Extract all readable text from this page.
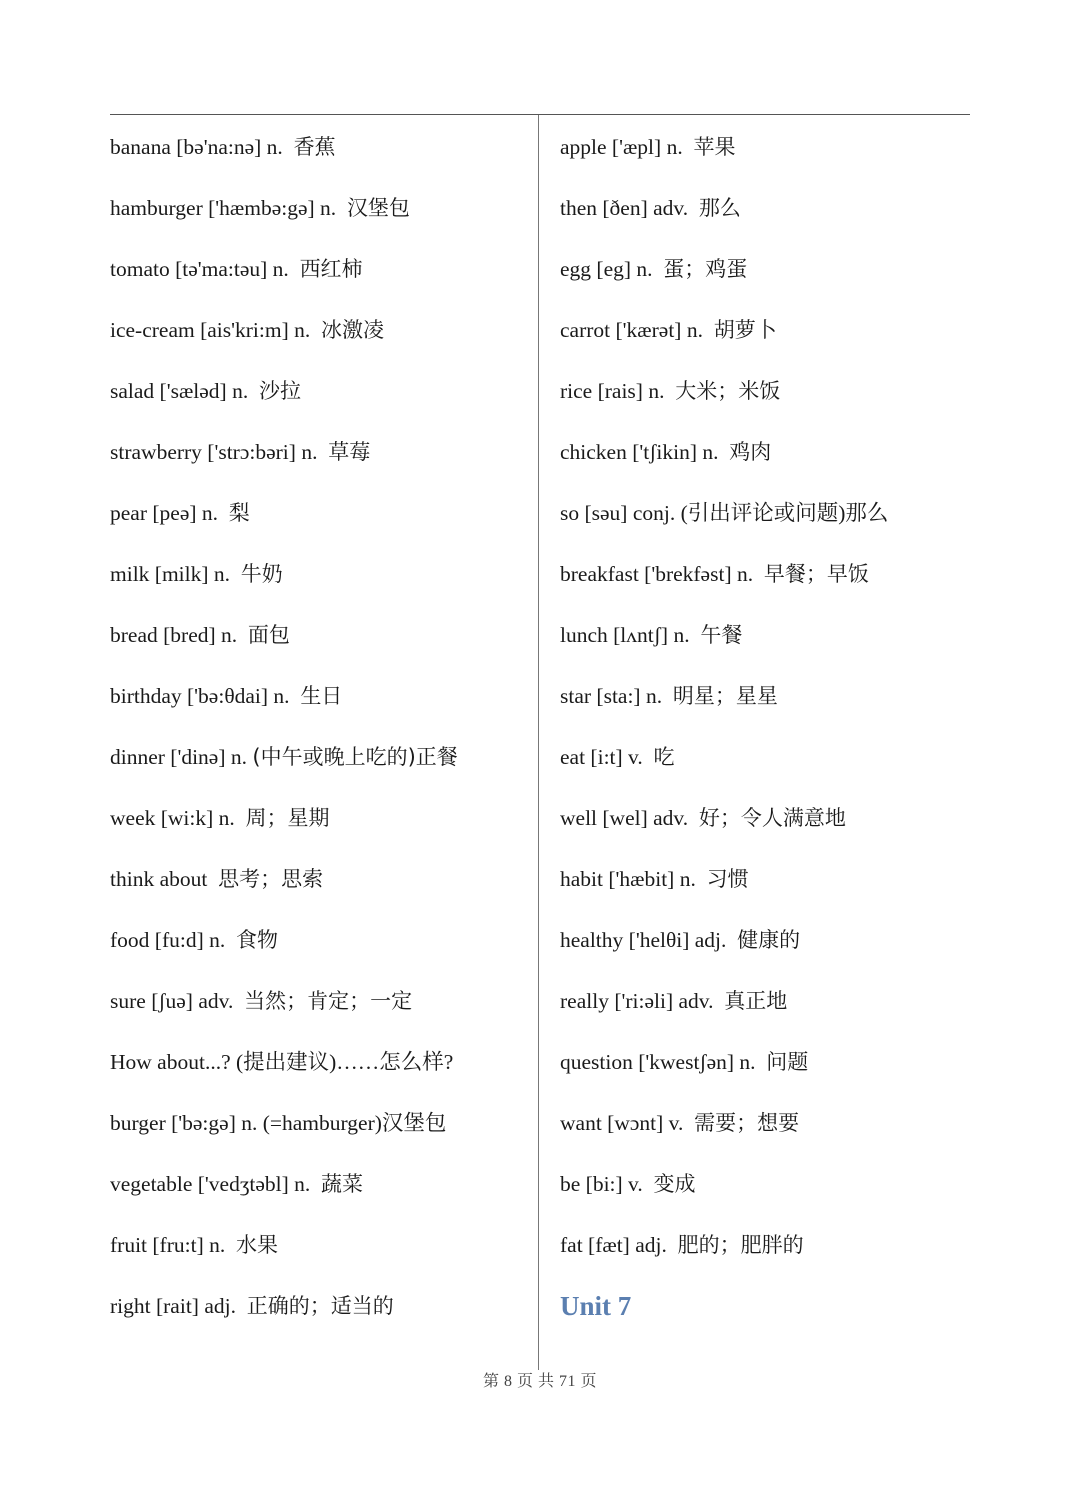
banana [bə'na:nə] n. 香蕉
hamburger ['hæmbə:gə] n. 汉堡包
tomato [tə'ma:təu] n. 西红柿
ice-cream [ais'kri:m] n. 冰激凌
salad ['sæləd] n. 沙拉
strawberry ['strɔ:bəri] n. 草莓
pear [peə] n. 梨
milk [milk] n. 牛奶
bread [bred] n. 面包
birthday ['bə:θdai] n. 生日
dinner ['dinə] n. (中午或晚上吃的)正餐
week [wi:k] n. 周；星期
think about 思考；思索
food [fu:d] n. 食物
sure [ʃuə] adv. 当然；肯定；一定
How about...? (提出建议)……怎么样?
burger ['bə:gə] n. (=hamburger)汉堡包
vegetable ['vedʒtəbl] n. 蔬菜
fruit [fru:t] n. 水果
right [rait] adj. 正确的；适当的
apple ['æpl] n. 苹果
then [ðen] adv. 那么
egg [eg] n. 蛋；鸡蛋
carrot ['kærət] n. 胡萝卜
rice [rais] n. 大米；米饭
chicken ['tʃikin] n. 鸡肉
so [səu] conj. (引出评论或问题)那么
breakfast ['brekfəst] n. 早餐；早饭
lunch [lʌntʃ] n. 午餐
star [sta:] n. 明星；星星
eat [i:t] v. 吃
well [wel] adv. 好；令人满意地
habit ['hæbit] n. 习惯
healthy ['helθi] adj. 健康的
really ['ri:əli] adv. 真正地
question ['kwestʃən] n. 问题
want [wɔnt] v. 需要；想要
be [bi:] v. 变成
fat [fæt] adj. 肥的；肥胖的
Unit 7
第 8 页 共 71 页
